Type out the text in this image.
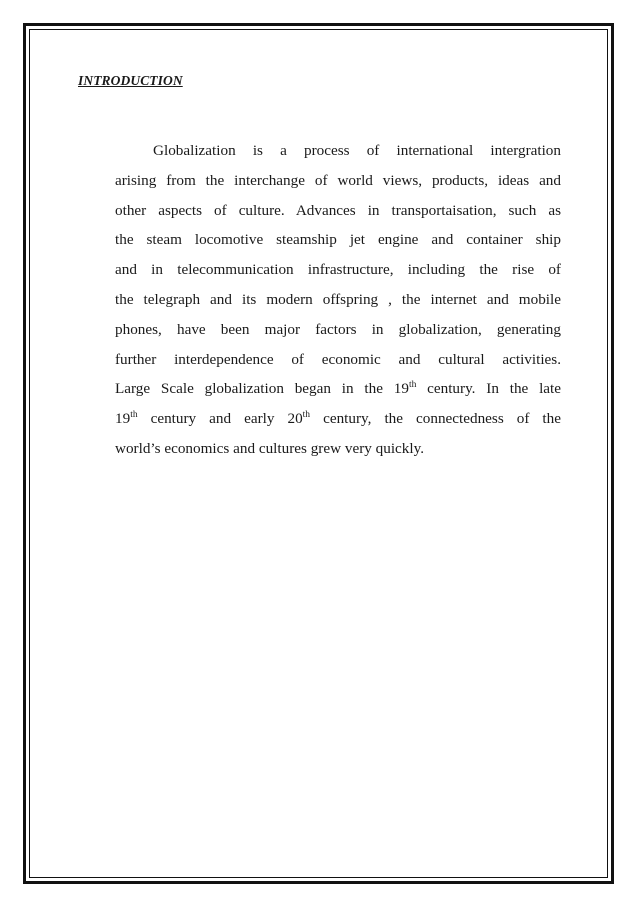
INTRODUCTION
Globalization is a process of international intergration
arising from the interchange of world views, products, ideas and
other aspects of culture. Advances in transportaisation, such as
the steam locomotive steamship jet engine and container ship
and in telecommunication infrastructure, including the rise of
the telegraph and its modern offspring , the internet and mobile
phones, have been major factors in globalization, generating
further interdependence of economic and cultural activities.
Large Scale globalization began in the 19th century. In the late
19th century and early 20th century, the connectedness of the
world’s economics and cultures grew very quickly.
